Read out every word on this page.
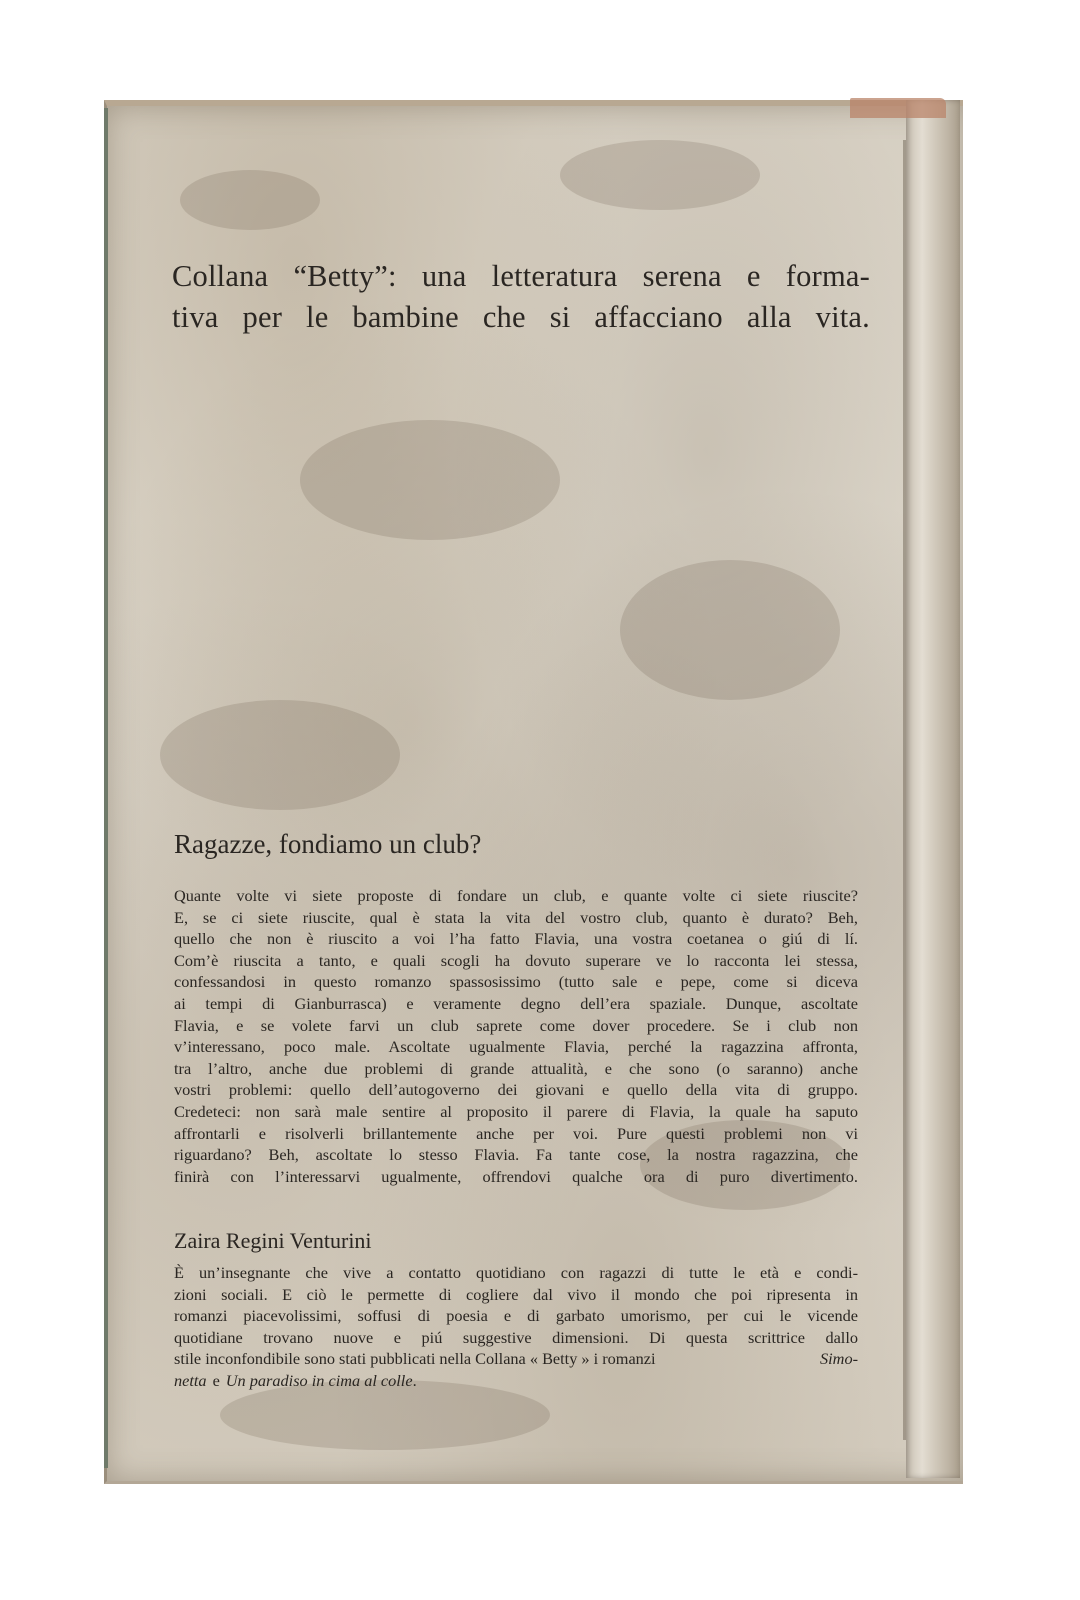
Collana “Betty”: una letteratura serena e forma-
tiva per le bambine che si affacciano alla vita.
Ragazze, fondiamo un club?
Quante volte vi siete proposte di fondare un club, e quante volte ci siete riuscite?
E, se ci siete riuscite, qual è stata la vita del vostro club, quanto è durato? Beh,
quello che non è riuscito a voi l’ha fatto Flavia, una vostra coetanea o giú di lí.
Com’è riuscita a tanto, e quali scogli ha dovuto superare ve lo racconta lei stessa,
confessandosi in questo romanzo spassosissimo (tutto sale e pepe, come si diceva
ai tempi di Gianburrasca) e veramente degno dell’era spaziale. Dunque, ascoltate
Flavia, e se volete farvi un club saprete come dover procedere. Se i club non
v’interessano, poco male. Ascoltate ugualmente Flavia, perché la ragazzina affronta,
tra l’altro, anche due problemi di grande attualità, e che sono (o saranno) anche
vostri problemi: quello dell’autogoverno dei giovani e quello della vita di gruppo.
Credeteci: non sarà male sentire al proposito il parere di Flavia, la quale ha saputo
affrontarli e risolverli brillantemente anche per voi. Pure questi problemi non vi
riguardano? Beh, ascoltate lo stesso Flavia. Fa tante cose, la nostra ragazzina, che
finirà con l’interessarvi ugualmente, offrendovi qualche ora di puro divertimento.
Zaira Regini Venturini
È un’insegnante che vive a contatto quotidiano con ragazzi di tutte le età e condi-
zioni sociali. E ciò le permette di cogliere dal vivo il mondo che poi ripresenta in
romanzi piacevolissimi, soffusi di poesia e di garbato umorismo, per cui le vicende
quotidiane trovano nuove e piú suggestive dimensioni. Di questa scrittrice dallo
stile inconfondibile sono stati pubblicati nella Collana « Betty » i romanzi	Simo-
netta e Un paradiso in cima al colle.
